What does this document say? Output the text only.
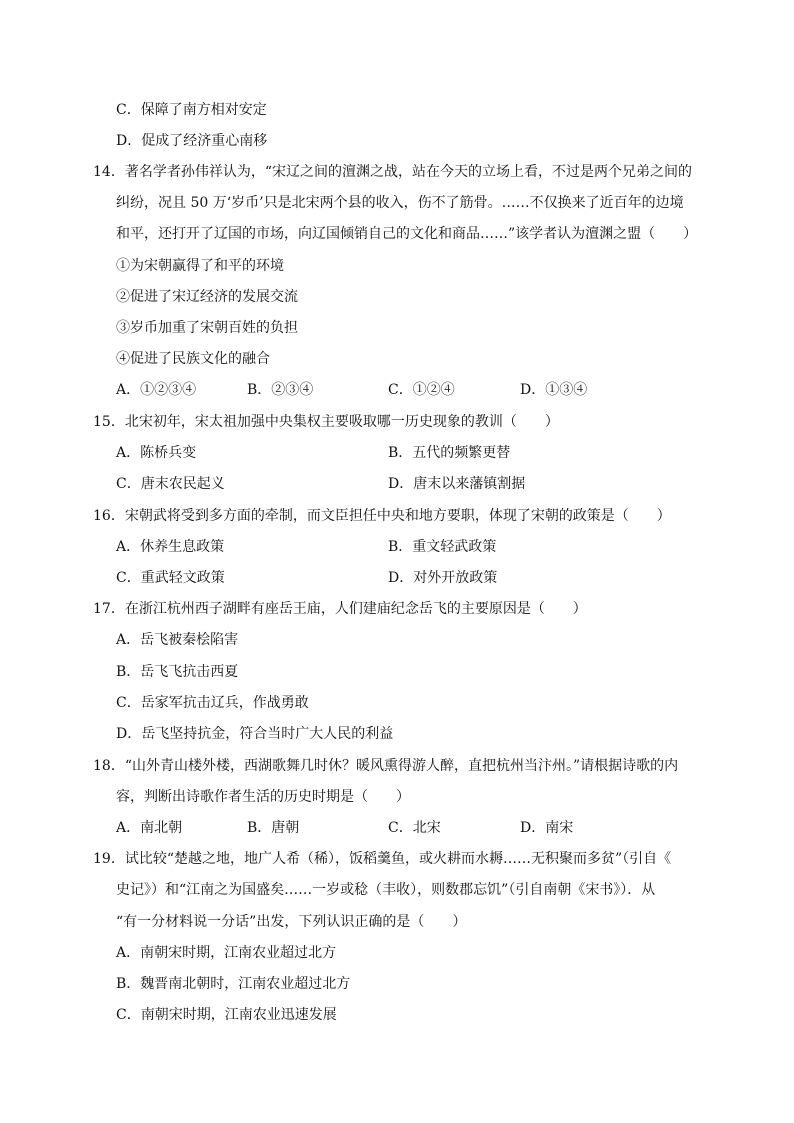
C．保障了南方相对安定
D．促成了经济重心南移
14．著名学者孙伟祥认为，“宋辽之间的澶渊之战，站在今天的立场上看，不过是两个兄弟之间的
纠纷，况且 50 万‘岁币’只是北宋两个县的收入，伤不了筋骨。……不仅换来了近百年的边境
和平，还打开了辽国的市场，向辽国倾销自己的文化和商品……”该学者认为澶渊之盟（　　）
①为宋朝赢得了和平的环境
②促进了宋辽经济的发展交流
③岁币加重了宋朝百姓的负担
④促进了民族文化的融合
A．①②③④	B．②③④	C．①②④	D．①③④
15．北宋初年，宋太祖加强中央集权主要吸取哪一历史现象的教训（　　）
A．陈桥兵变	B．五代的频繁更替
C．唐末农民起义	D．唐末以来藩镇割据
16．宋朝武将受到多方面的牵制，而文臣担任中央和地方要职，体现了宋朝的政策是（　　）
A．休养生息政策	B．重文轻武政策
C．重武轻文政策	D．对外开放政策
17．在浙江杭州西子湖畔有座岳王庙，人们建庙纪念岳飞的主要原因是（　　）
A．岳飞被秦桧陷害
B．岳飞飞抗击西夏
C．岳家军抗击辽兵，作战勇敢
D．岳飞坚持抗金，符合当时广大人民的利益
18．“山外青山楼外楼，西湖歌舞几时休？暖风熏得游人醉，直把杭州当汴州。”请根据诗歌的内
容，判断出诗歌作者生活的历史时期是（　　）
A．南北朝	B．唐朝	C．北宋	D．南宋
19．试比较“楚越之地，地广人希（稀），饭稻羹鱼，或火耕而水耨……无积聚而多贫”（引自《
史记》）和“江南之为国盛矣……一岁或稔（丰收），则数郡忘饥”（引自南朝《宋书》）．从
“有一分材料说一分话”出发，下列认识正确的是（　　）
A．南朝宋时期，江南农业超过北方
B．魏晋南北朝时，江南农业超过北方
C．南朝宋时期，江南农业迅速发展
